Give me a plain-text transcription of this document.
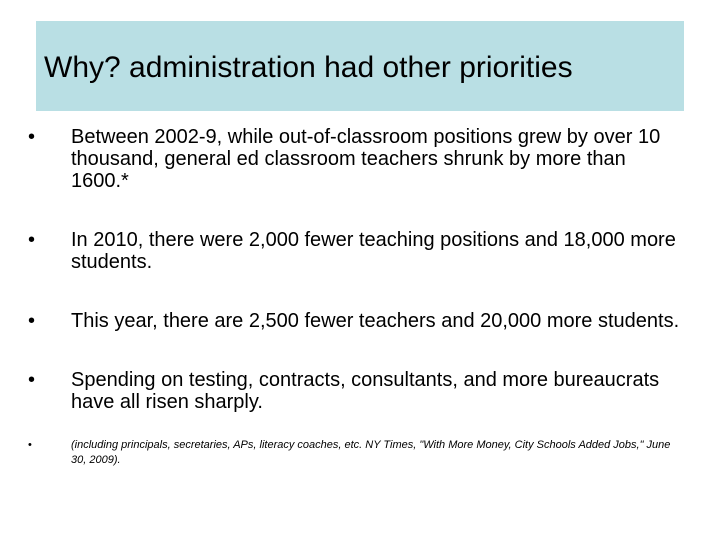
Why? administration had other priorities
• Between 2002-9, while out-of-classroom positions grew by over 10 thousand, general ed classroom teachers shrunk by more than 1600.*
• In 2010, there were 2,000 fewer teaching positions and 18,000 more students.
• This year, there are 2,500 fewer teachers and 20,000 more students.
• Spending on testing, contracts, consultants, and more bureaucrats have all risen sharply.
•	(including principals, secretaries, APs, literacy coaches, etc. NY Times, "With More Money, City Schools Added Jobs," June 30, 2009).
